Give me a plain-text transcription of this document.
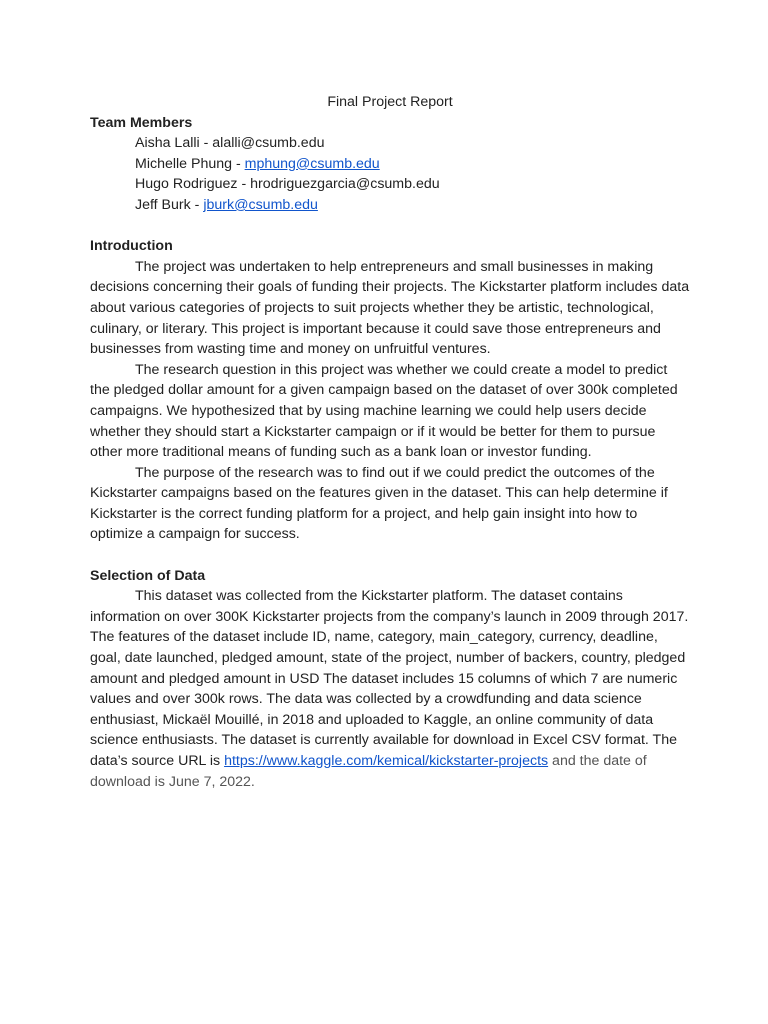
Final Project Report

Team Members

Aisha Lalli - alalli@csumb.edu

Michelle Phung - mphung@csumb.edu

Hugo Rodriguez - hrodriguezgarcia@csumb.edu

Jeff Burk - jburk@csumb.edu

Introduction

The project was undertaken to help entrepreneurs and small businesses in making decisions concerning their goals of funding their projects. The Kickstarter platform includes data about various categories of projects to suit projects whether they be artistic, technological, culinary, or literary. This project is important because it could save those entrepreneurs and businesses from wasting time and money on unfruitful ventures.

The research question in this project was whether we could create a model to predict the pledged dollar amount for a given campaign based on the dataset of over 300k completed campaigns. We hypothesized that by using machine learning we could help users decide whether they should start a Kickstarter campaign or if it would be better for them to pursue other more traditional means of funding such as a bank loan or investor funding.

The purpose of the research was to find out if we could predict the outcomes of the Kickstarter campaigns based on the features given in the dataset. This can help determine if Kickstarter is the correct funding platform for a project, and help gain insight into how to optimize a campaign for success.

Selection of Data

This dataset was collected from the Kickstarter platform. The dataset contains information on over 300K Kickstarter projects from the company’s launch in 2009 through 2017. The features of the dataset include ID, name, category, main_category, currency, deadline, goal, date launched, pledged amount, state of the project, number of backers, country, pledged amount and pledged amount in USD The dataset includes 15 columns of which 7 are numeric values and over 300k rows. The data was collected by a crowdfunding and data science enthusiast, Mickaël Mouillé, in 2018 and uploaded to Kaggle, an online community of data science enthusiasts. The dataset is currently available for download in Excel CSV format. The data’s source URL is https://www.kaggle.com/kemical/kickstarter-projects and the date of download is June 7, 2022.
